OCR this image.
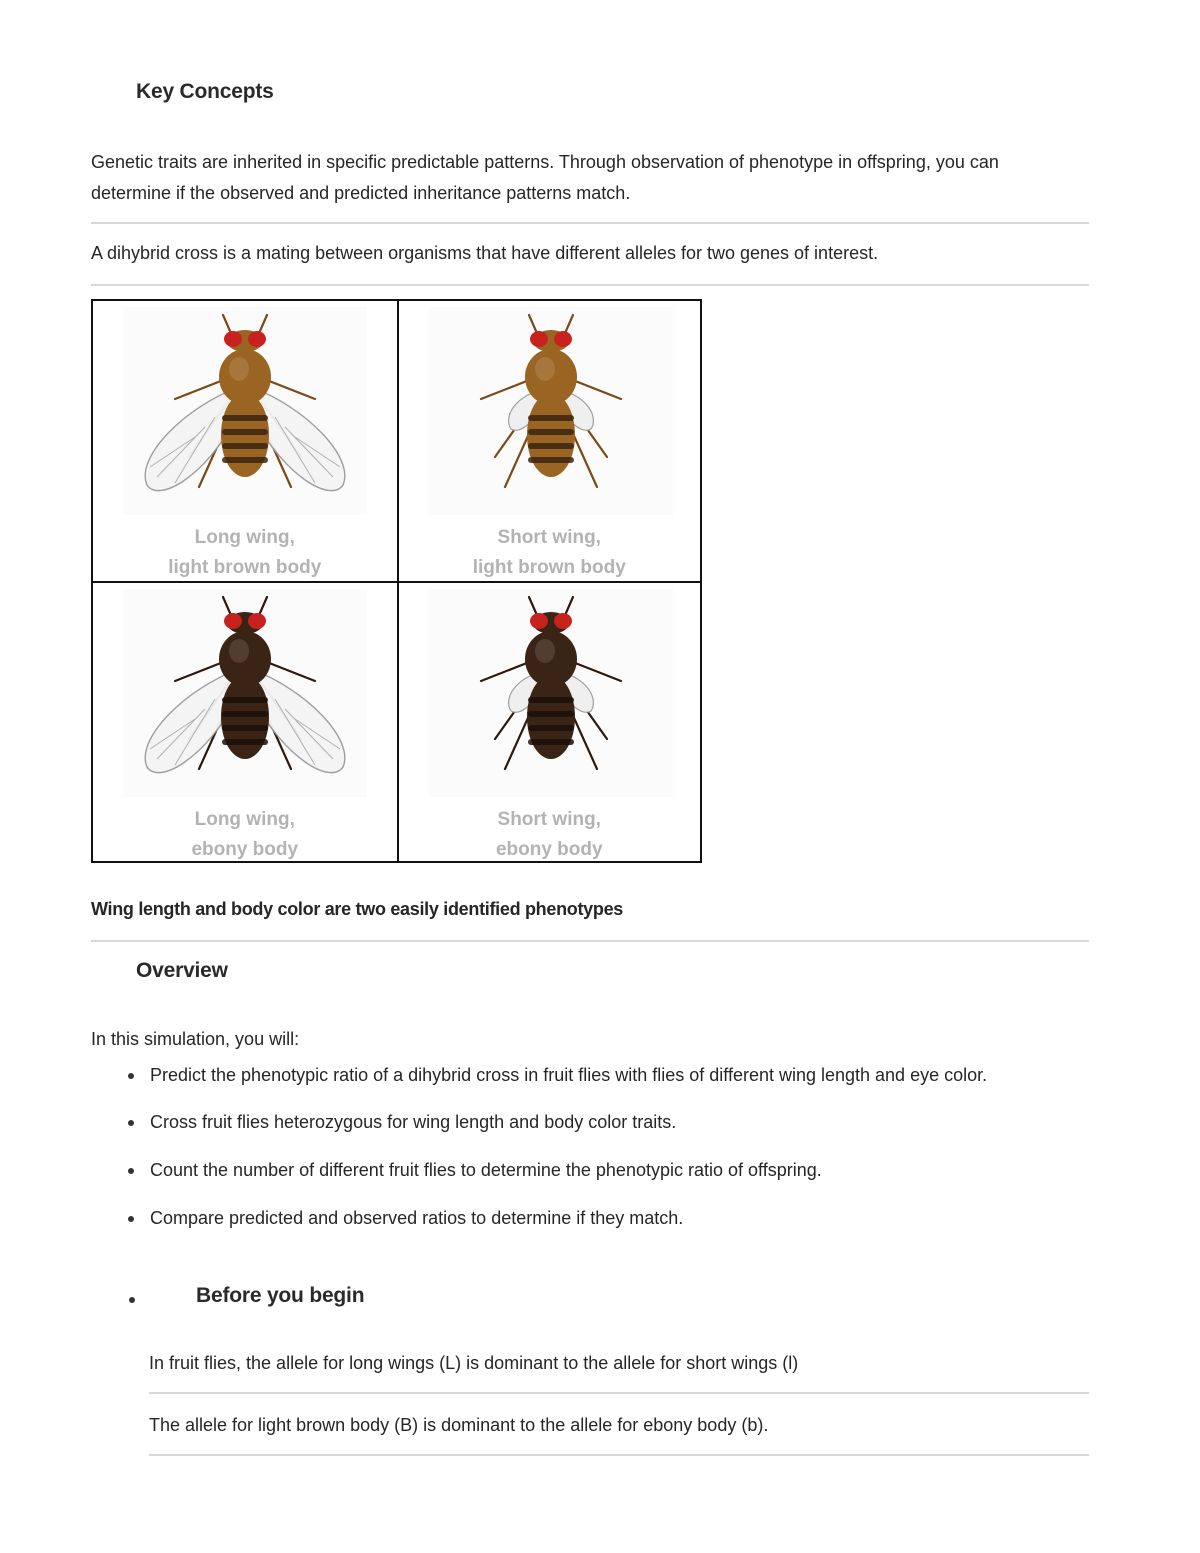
Key Concepts
Genetic traits are inherited in specific predictable patterns. Through observation of phenotype in offspring, you can determine if the observed and predicted inheritance patterns match.
A dihybrid cross is a mating between organisms that have different alleles for two genes of interest.
Long wing,
light brown body
Short wing,
light brown body
Long wing,
ebony body
Short wing,
ebony body
Wing length and body color are two easily identified phenotypes
Overview
In this simulation, you will:
Predict the phenotypic ratio of a dihybrid cross in fruit flies with flies of different wing length and eye color.
Cross fruit flies heterozygous for wing length and body color traits.
Count the number of different fruit flies to determine the phenotypic ratio of offspring.
Compare predicted and observed ratios to determine if they match.
Before you begin
In fruit flies, the allele for long wings (L) is dominant to the allele for short wings (l)
The allele for light brown body (B) is dominant to the allele for ebony body (b).
